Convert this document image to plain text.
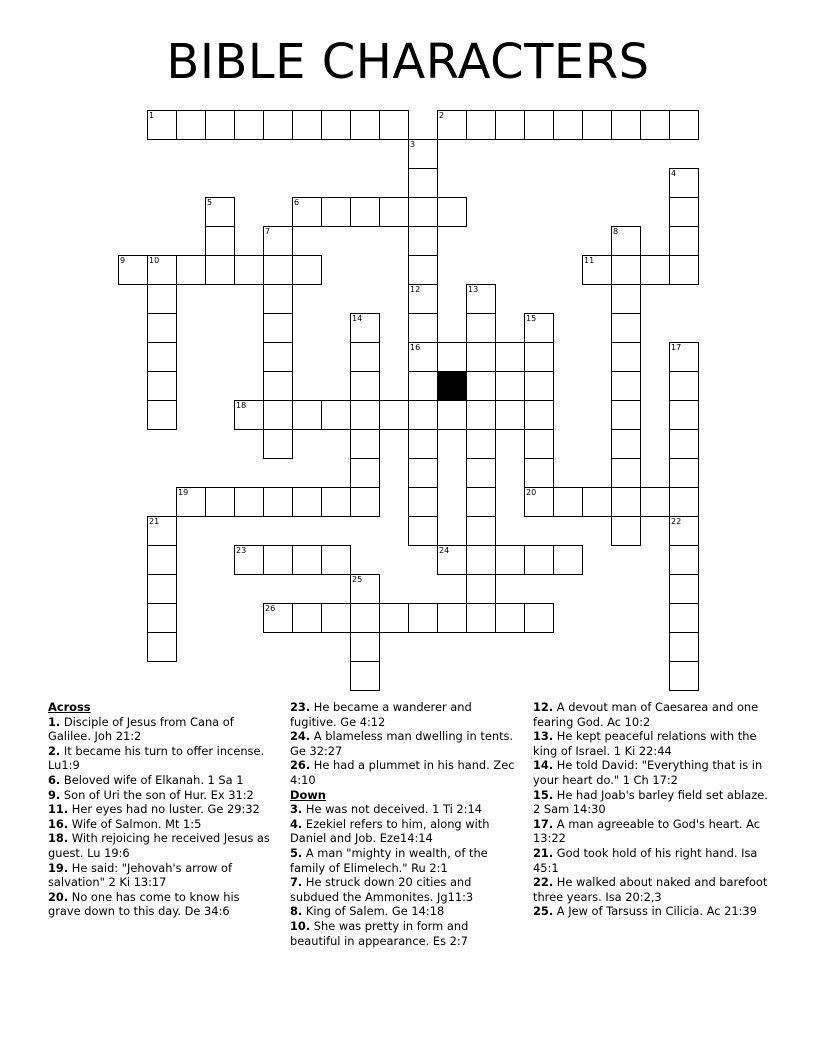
BIBLE CHARACTERS
1	2
6
9	10	11
16
18
19	20
23	24
26
3
12
4
5
7	8
13
14	15
17
21	22
25
Across
1. Disciple of Jesus from Cana of Galilee. Joh 21:2
2. It became his turn to offer incense. Lu1:9
6. Beloved wife of Elkanah. 1 Sa 1
9. Son of Uri the son of Hur. Ex 31:2
11. Her eyes had no luster. Ge 29:32
16. Wife of Salmon. Mt 1:5
18. With rejoicing he received Jesus as guest. Lu 19:6
19. He said: "Jehovah's arrow of salvation" 2 Ki 13:17
20. No one has come to know his grave down to this day. De 34:6
23. He became a wanderer and fugitive. Ge 4:12
24. A blameless man dwelling in tents. Ge 32:27
26. He had a plummet in his hand. Zec 4:10
Down
3. He was not deceived. 1 Ti 2:14
4. Ezekiel refers to him, along with Daniel and Job. Eze14:14
5. A man "mighty in wealth, of the family of Elimelech." Ru 2:1
7. He struck down 20 cities and subdued the Ammonites. Jg11:3
8. King of Salem. Ge 14:18
10. She was pretty in form and beautiful in appearance. Es 2:7
12. A devout man of Caesarea and one fearing God. Ac 10:2
13. He kept peaceful relations with the king of Israel. 1 Ki 22:44
14. He told David: "Everything that is in your heart do." 1 Ch 17:2
15. He had Joab's barley field set ablaze. 2 Sam 14:30
17. A man agreeable to God's heart. Ac 13:22
21. God took hold of his right hand. Isa 45:1
22. He walked about naked and barefoot three years. Isa 20:2,3
25. A Jew of Tarsuss in Cilicia. Ac 21:39
